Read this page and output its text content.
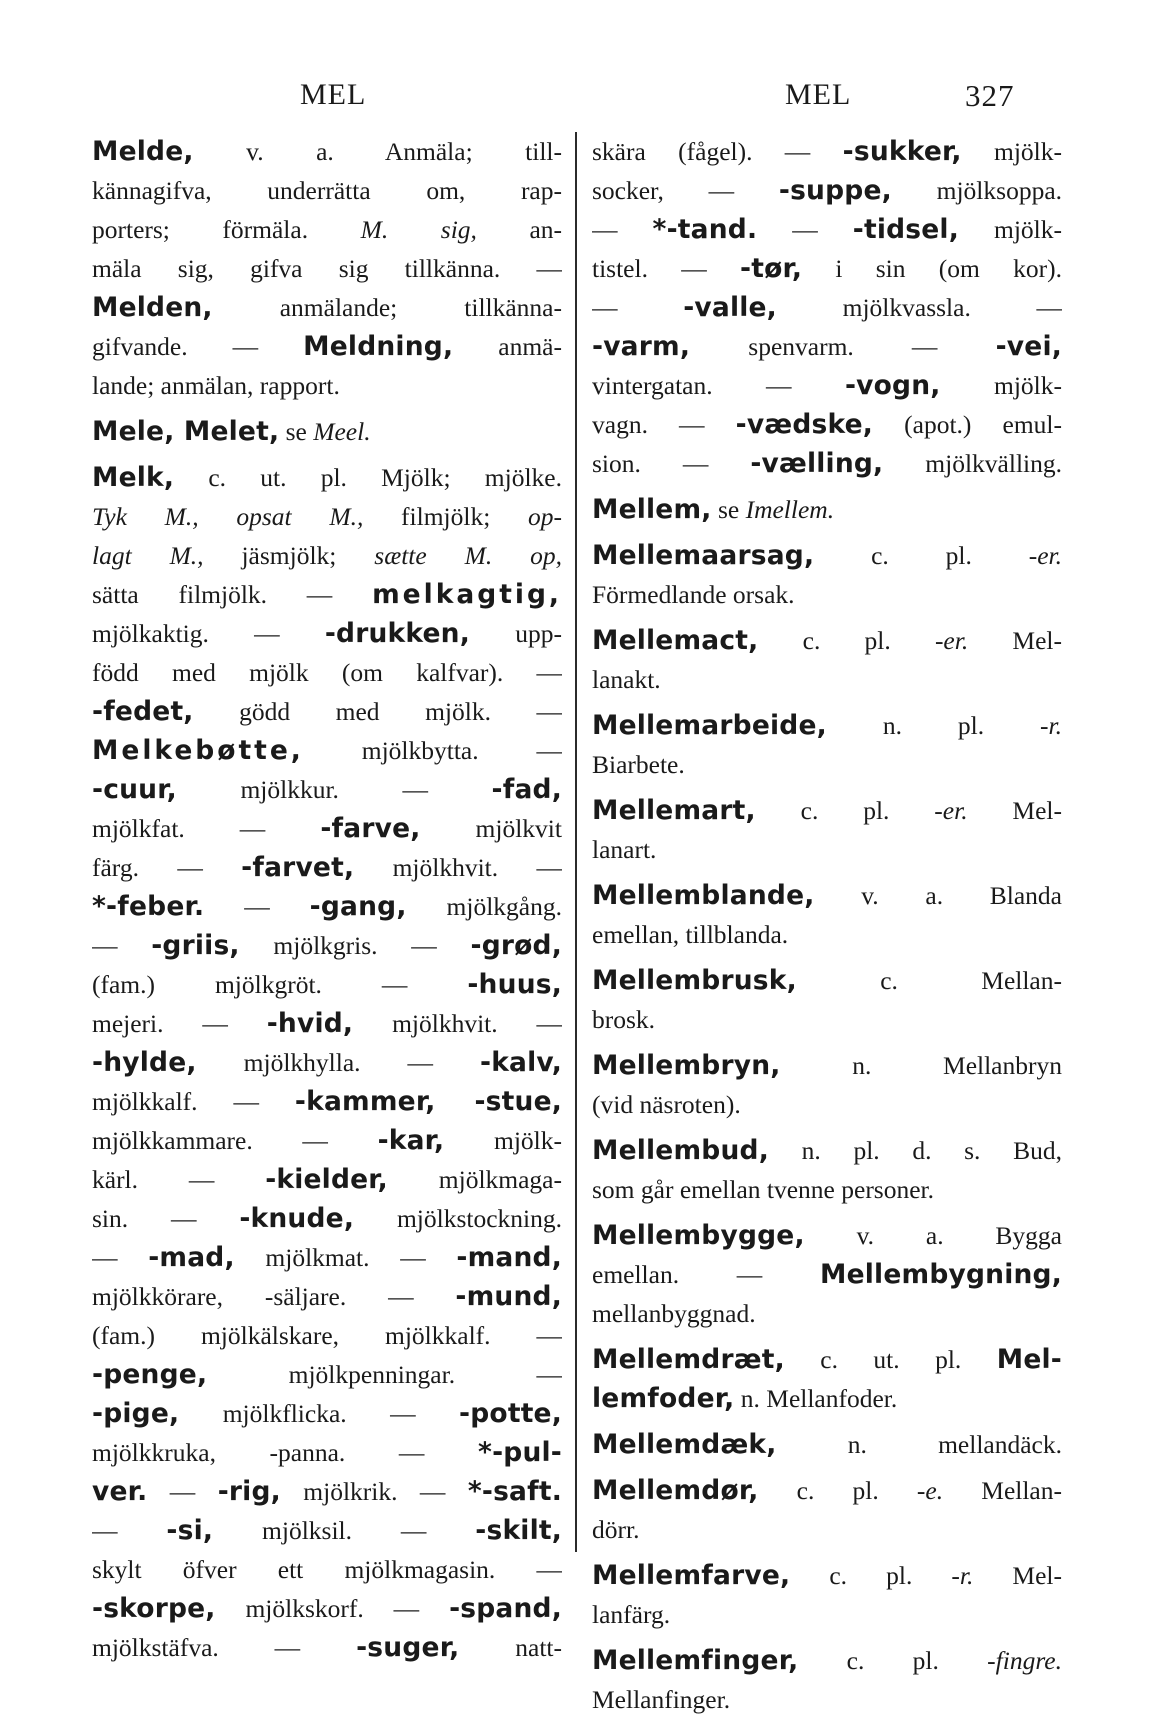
MEL	MEL	327
Melde, v. a. Anmäla; till-
kännagifva, underrätta om, rap-
porters; förmäla. M. sig, an-
mäla sig, gifva sig tillkänna. —
Melden, anmälande; tillkänna-
gifvande. — Meldning, anmä-
lande; anmälan, rapport.
Mele, Melet, se Meel.
Melk, c. ut. pl. Mjölk; mjölke.
Tyk M., opsat M., filmjölk; op-
lagt M., jäsmjölk; sætte M. op,
sätta filmjölk. — melkagtig,
mjölkaktig. — -drukken, upp-
född med mjölk (om kalfvar). —
-fedet, gödd med mjölk. —
Melkebøtte, mjölkbytta. —
-cuur, mjölkkur. — -fad,
mjölkfat. — -farve, mjölkvit
färg. — -farvet, mjölkhvit. —
*-feber. — -gang, mjölkgång.
— -griis, mjölkgris. — -grød,
(fam.) mjölkgröt. — -huus,
mejeri. — -hvid, mjölkhvit. —
-hylde, mjölkhylla. — -kalv,
mjölkkalf. — -kammer, -stue,
mjölkkammare. — -kar, mjölk-
kärl. — -kielder, mjölkmaga-
sin. — -knude, mjölkstockning.
— -mad, mjölkmat. — -mand,
mjölkkörare, -säljare. — -mund,
(fam.) mjölkälskare, mjölkkalf. —
-penge, mjölkpenningar. —
-pige, mjölkflicka. — -potte,
mjölkkruka, -panna. — *-pul-
ver. — -rig, mjölkrik. — *-saft.
— -si, mjölksil. — -skilt,
skylt öfver ett mjölkmagasin. —
-skorpe, mjölkskorf. — -spand,
mjölkstäfva. — -suger, natt-
skära (fågel). — -sukker, mjölk-
socker, — -suppe, mjölksoppa.
— *-tand. — -tidsel, mjölk-
tistel. — -tør, i sin (om kor).
— -valle, mjölkvassla. —
-varm, spenvarm. — -vei,
vintergatan. — -vogn, mjölk-
vagn. — -vædske, (apot.) emul-
sion. — -vælling, mjölkvälling.
Mellem, se Imellem.
Mellemaarsag, c. pl. -er.
Förmedlande orsak.
Mellemact, c. pl. -er. Mel-
lanakt.
Mellemarbeide, n. pl. -r.
Biarbete.
Mellemart, c. pl. -er. Mel-
lanart.
Mellemblande, v. a. Blanda
emellan, tillblanda.
Mellembrusk, c. Mellan-
brosk.
Mellembryn, n. Mellanbryn
(vid näsroten).
Mellembud, n. pl. d. s. Bud,
som går emellan tvenne personer.
Mellembygge, v. a. Bygga
emellan. — Mellembygning,
mellanbyggnad.
Mellemdræt, c. ut. pl. Mel-
lemfoder, n. Mellanfoder.
Mellemdæk, n. mellandäck.
Mellemdør, c. pl. -e. Mellan-
dörr.
Mellemfarve, c. pl. -r. Mel-
lanfärg.
Mellemfinger, c. pl. -fingre.
Mellanfinger.
